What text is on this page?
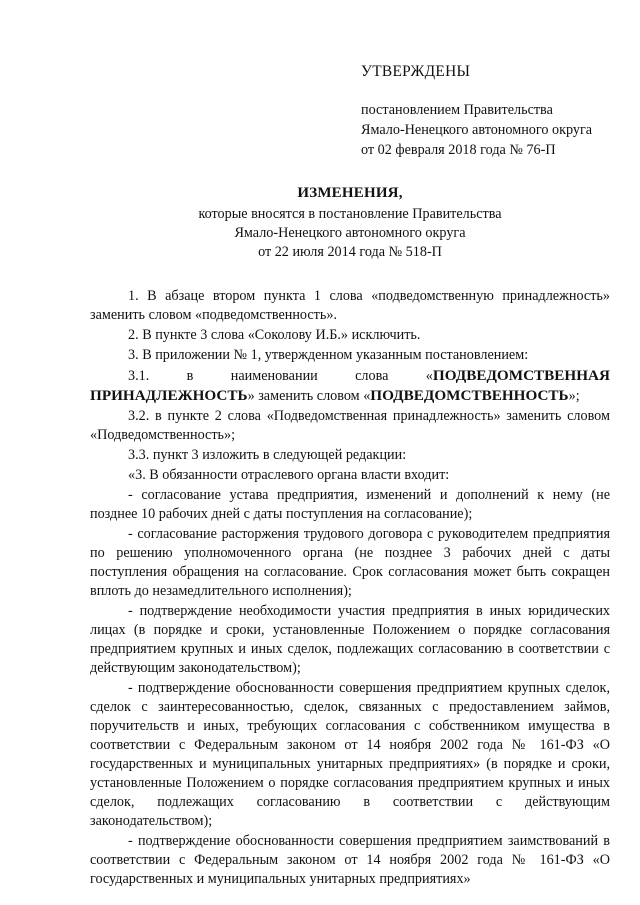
УТВЕРЖДЕНЫ
постановлением Правительства
Ямало-Ненецкого автономного округа
от 02 февраля 2018 года № 76-П
ИЗМЕНЕНИЯ,
которые вносятся в постановление Правительства
Ямало-Ненецкого автономного округа
от 22 июля 2014 года № 518-П
1. В абзаце втором пункта 1 слова «подведомственную принадлежность» заменить словом «подведомственность».
2. В пункте 3 слова «Соколову И.Б.» исключить.
3. В приложении № 1, утвержденном указанным постановлением:
3.1. в наименовании слова «ПОДВЕДОМСТВЕННАЯ ПРИНАДЛЕЖНОСТЬ» заменить словом «ПОДВЕДОМСТВЕННОСТЬ»;
3.2. в пункте 2 слова «Подведомственная принадлежность» заменить словом «Подведомственность»;
3.3. пункт 3 изложить в следующей редакции:
«3. В обязанности отраслевого органа власти входит:
- согласование устава предприятия, изменений и дополнений к нему (не позднее 10 рабочих дней с даты поступления на согласование);
- согласование расторжения трудового договора с руководителем предприятия по решению уполномоченного органа (не позднее 3 рабочих дней с даты поступления обращения на согласование. Срок согласования может быть сокращен вплоть до незамедлительного исполнения);
- подтверждение необходимости участия предприятия в иных юридических лицах (в порядке и сроки, установленные Положением о порядке согласования предприятием крупных и иных сделок, подлежащих согласованию в соответствии с действующим законодательством);
- подтверждение обоснованности совершения предприятием крупных сделок, сделок с заинтересованностью, сделок, связанных с предоставлением займов, поручительств и иных, требующих согласования с собственником имущества в соответствии с Федеральным законом от 14 ноября 2002 года № 161-ФЗ «О государственных и муниципальных унитарных предприятиях» (в порядке и сроки, установленные Положением о порядке согласования предприятием крупных и иных сделок, подлежащих согласованию в соответствии с действующим законодательством);
- подтверждение обоснованности совершения предприятием заимствований в соответствии с Федеральным законом от 14 ноября 2002 года № 161-ФЗ «О государственных и муниципальных унитарных предприятиях»
